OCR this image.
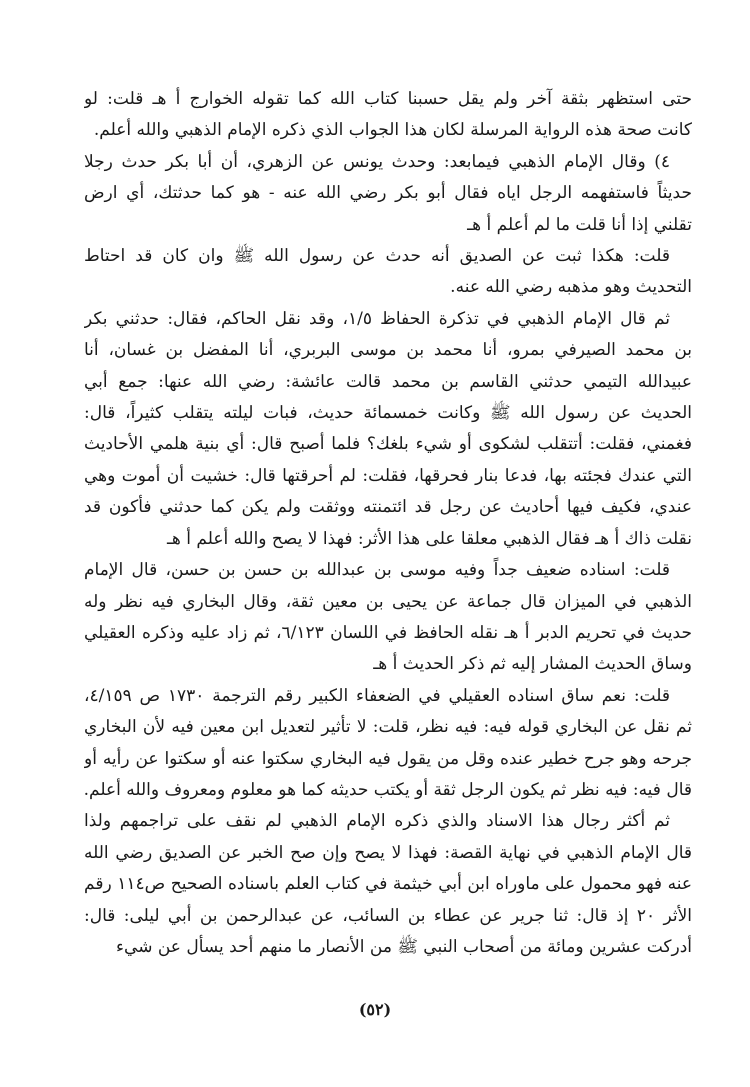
حتى استظهر بثقة آخر ولم يقل حسبنا كتاب الله كما تقوله الخوارج أ هـ قلت: لو
كانت صحة هذه الرواية المرسلة لكان هذا الجواب الذي ذكره الإمام الذهبي والله أعلم.
٤) وقال الإمام الذهبي فيمابعد: وحدث يونس عن الزهري، أن أبا بكر حدث رجلا
حديثاً فاستفهمه الرجل اياه فقال أبو بكر رضي الله عنه - هو كما حدثتك، أي ارض
تقلني إذا أنا قلت ما لم أعلم أ هـ
قلت: هكذا ثبت عن الصديق أنه حدث عن رسول الله ﷺ وان كان قد احتاط
التحديث وهو مذهبه رضي الله عنه.
ثم قال الإمام الذهبي في تذكرة الحفاظ ١/٥، وقد نقل الحاكم، فقال: حدثني بكر
بن محمد الصيرفي بمرو، أنا محمد بن موسى البربري، أنا المفضل بن غسان، أنا
عبيدالله التيمي حدثني القاسم بن محمد قالت عائشة: رضي الله عنها: جمع أبي
الحديث عن رسول الله ﷺ وكانت خمسمائة حديث، فبات ليلته يتقلب كثيراً، قال:
فغمني، فقلت: أتتقلب لشكوى أو شيء بلغك؟ فلما أصبح قال: أي بنية هلمي الأحاديث
التي عندك فجئته بها، فدعا بنار فحرقها، فقلت: لم أحرقتها قال: خشيت أن أموت وهي
عندي، فكيف فيها أحاديث عن رجل قد ائتمنته ووثقت ولم يكن كما حدثني فأكون قد
نقلت ذاك أ هـ فقال الذهبي معلقا على هذا الأثر: فهذا لا يصح والله أعلم أ هـ
قلت: اسناده ضعيف جداً وفيه موسى بن عبدالله بن حسن بن حسن، قال الإمام
الذهبي في الميزان قال جماعة عن يحيى بن معين ثقة، وقال البخاري فيه نظر وله
حديث في تحريم الدبر أ هـ نقله الحافظ في اللسان ٦/١٢٣، ثم زاد عليه وذكره العقيلي
وساق الحديث المشار إليه ثم ذكر الحديث أ هـ
قلت: نعم ساق اسناده العقيلي في الضعفاء الكبير رقم الترجمة ١٧٣٠ ص ٤/١٥٩،
ثم نقل عن البخاري قوله فيه: فيه نظر، قلت: لا تأثير لتعديل ابن معين فيه لأن البخاري
جرحه وهو جرح خطير عنده وقل من يقول فيه البخاري سكتوا عنه أو سكتوا عن رأيه أو
قال فيه: فيه نظر ثم يكون الرجل ثقة أو يكتب حديثه كما هو معلوم ومعروف والله أعلم.
ثم أكثر رجال هذا الاسناد والذي ذكره الإمام الذهبي لم نقف على تراجمهم ولذا
قال الإمام الذهبي في نهاية القصة: فهذا لا يصح وإن صح الخبر عن الصديق رضي الله
عنه فهو محمول على ماوراه ابن أبي خيثمة في كتاب العلم باسناده الصحيح ص١١٤ رقم
الأثر ٢٠ إذ قال: ثنا جرير عن عطاء بن السائب، عن عبدالرحمن بن أبي ليلى: قال:
أدركت عشرين ومائة من أصحاب النبي ﷺ من الأنصار ما منهم أحد يسأل عن شيء
(٥٢)
